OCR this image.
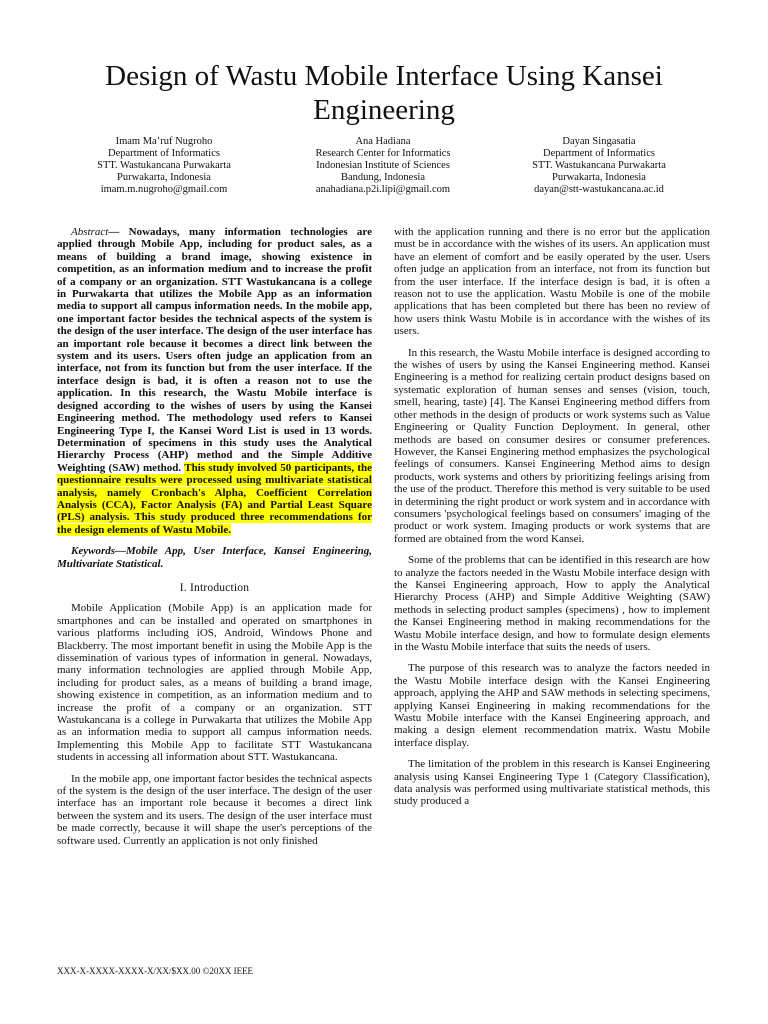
Design of Wastu Mobile Interface Using Kansei Engineering
Imam Ma’ruf Nugroho
Department of Informatics
STT. Wastukancana Purwakarta
Purwakarta, Indonesia
imam.m.nugroho@gmail.com
Ana Hadiana
Research Center for Informatics
Indonesian Institute of Sciences
Bandung, Indonesia
anahadiana.p2i.lipi@gmail.com
Dayan Singasatia
Department of Informatics
STT. Wastukancana Purwakarta
Purwakarta, Indonesia
dayan@stt-wastukancana.ac.id

Abstract— Nowadays, many information technologies are applied through Mobile App, including for product sales, as a means of building a brand image, showing existence in competition, as an information medium and to increase the profit of a company or an organization. STT Wastukancana is a college in Purwakarta that utilizes the Mobile App as an information media to support all campus information needs. In the mobile app, one important factor besides the technical aspects of the system is the design of the user interface. The design of the user interface has an important role because it becomes a direct link between the system and its users. Users often judge an application from an interface, not from its function but from the user interface. If the interface design is bad, it is often a reason not to use the application. In this research, the Wastu Mobile interface is designed according to the wishes of users by using the Kansei Engineering method. The methodology used refers to Kansei Engineering Type I, the Kansei Word List is used in 13 words. Determination of specimens in this study uses the Analytical Hierarchy Process (AHP) method and the Simple Additive Weighting (SAW) method. This study involved 50 participants, the questionnaire results were processed using multivariate statistical analysis, namely Cronbach's Alpha, Coefficient Correlation Analysis (CCA), Factor Analysis (FA) and Partial Least Square (PLS) analysis. This study produced three recommendations for the design elements of Wastu Mobile.

Keywords—Mobile App, User Interface, Kansei Engineering, Multivariate Statistical.

I. Introduction

Mobile Application (Mobile App) is an application made for smartphones and can be installed and operated on smartphones in various platforms including iOS, Android, Windows Phone and Blackberry. The most important benefit in using the Mobile App is the dissemination of various types of information in general. Nowadays, many information technologies are applied through Mobile App, including for product sales, as a means of building a brand image, showing existence in competition, as an information medium and to increase the profit of a company or an organization. STT Wastukancana is a college in Purwakarta that utilizes the Mobile App as an information media to support all campus information needs. Implementing this Mobile App to facilitate STT Wastukancana students in accessing all information about STT. Wastukancana.

In the mobile app, one important factor besides the technical aspects of the system is the design of the user interface. The design of the user interface has an important role because it becomes a direct link between the system and its users. The design of the user interface must be made correctly, because it will shape the user's perceptions of the software used. Currently an application is not only finished

with the application running and there is no error but the application must be in accordance with the wishes of its users. An application must have an element of comfort and be easily operated by the user. Users often judge an application from an interface, not from its function but from the user interface. If the interface design is bad, it is often a reason not to use the application. Wastu Mobile is one of the mobile applications that has been completed but there has been no review of how users think Wastu Mobile is in accordance with the wishes of its users.

In this research, the Wastu Mobile interface is designed according to the wishes of users by using the Kansei Engineering method. Kansei Engineering is a method for realizing certain product designs based on systematic exploration of human senses and senses (vision, touch, smell, hearing, taste) [4]. The Kansei Engineering method differs from other methods in the design of products or work systems such as Value Engineering or Quality Function Deployment. In general, other methods are based on consumer desires or consumer preferences. However, the Kansei Enginering method emphasizes the psychological feelings of consumers. Kansei Engineering Method aims to design products, work systems and others by prioritizing feelings arising from the use of the product. Therefore this method is very suitable to be used in determining the right product or work system and in accordance with consumers 'psychological feelings based on consumers' imaging of the product or work system. Imaging products or work systems that are formed are obtained from the word Kansei.

Some of the problems that can be identified in this research are how to analyze the factors needed in the Wastu Mobile interface design with the Kansei Engineering approach, How to apply the Analytical Hierarchy Process (AHP) and Simple Additive Weighting (SAW) methods in selecting product samples (specimens) , how to implement the Kansei Engineering method in making recommendations for the Wastu Mobile interface design, and how to formulate design elements in the Wastu Mobile interface that suits the needs of users.

The purpose of this research was to analyze the factors needed in the Wastu Mobile interface design with the Kansei Engineering approach, applying the AHP and SAW methods in selecting specimens, applying Kansei Engineering in making recommendations for the Wastu Mobile interface with the Kansei Engineering approach, and making a design element recommendation matrix. Wastu Mobile interface display.

The limitation of the problem in this research is Kansei Engineering analysis using Kansei Engineering Type 1 (Category Classification), data analysis was performed using multivariate statistical methods, this study produced a

XXX-X-XXXX-XXXX-X/XX/$XX.00 ©20XX IEEE
